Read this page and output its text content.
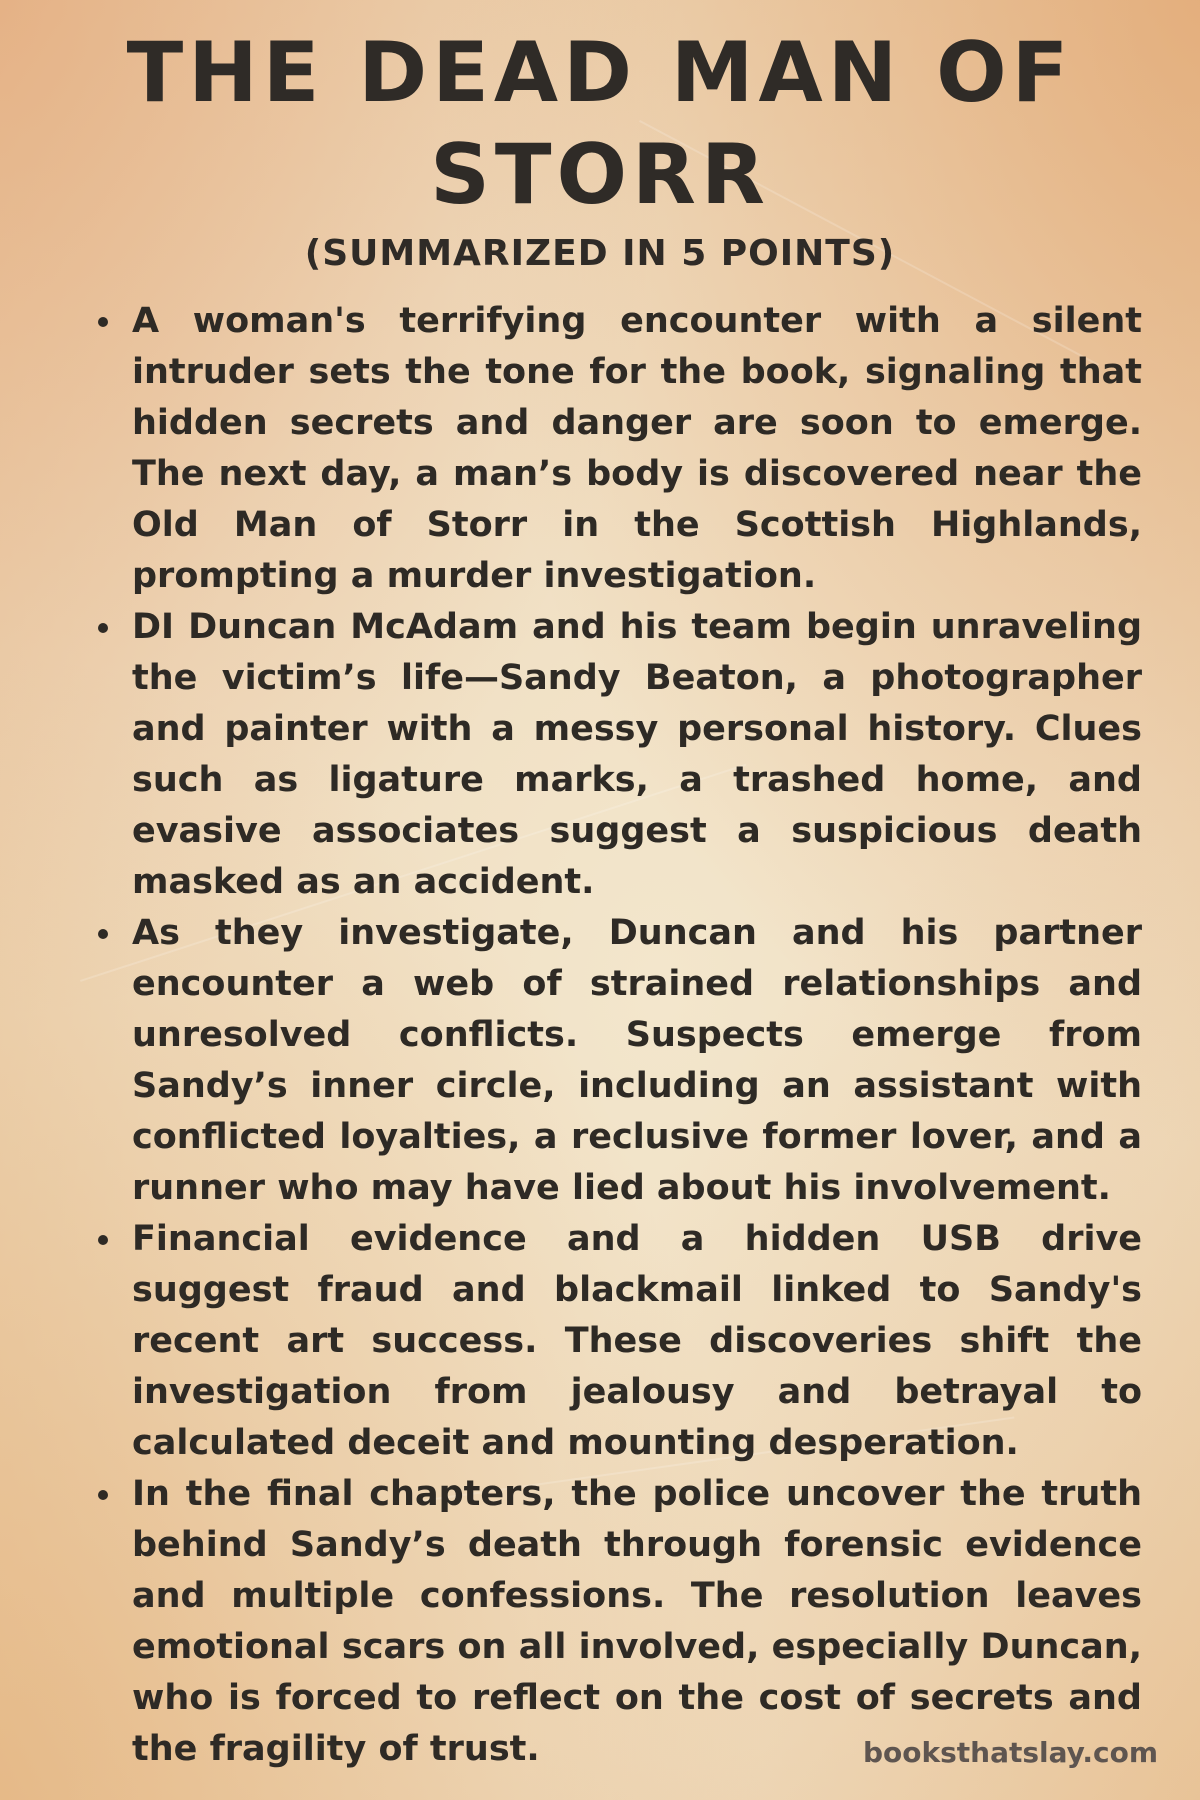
THE DEAD MAN OF STORR
(SUMMARIZED IN 5 POINTS)
A woman's terrifying encounter with a silent intruder sets the tone for the book, signaling that hidden secrets and danger are soon to emerge. The next day, a man’s body is discovered near the Old Man of Storr in the Scottish Highlands, prompting a murder investigation.
DI Duncan McAdam and his team begin unraveling the victim’s life—Sandy Beaton, a photographer and painter with a messy personal history. Clues such as ligature marks, a trashed home, and evasive associates suggest a suspicious death masked as an accident.
As they investigate, Duncan and his partner encounter a web of strained relationships and unresolved conflicts. Suspects emerge from Sandy’s inner circle, including an assistant with conflicted loyalties, a reclusive former lover, and a runner who may have lied about his involvement.
Financial evidence and a hidden USB drive suggest fraud and blackmail linked to Sandy's recent art success. These discoveries shift the investigation from jealousy and betrayal to calculated deceit and mounting desperation.
In the final chapters, the police uncover the truth behind Sandy’s death through forensic evidence and multiple confessions. The resolution leaves emotional scars on all involved, especially Duncan, who is forced to reflect on the cost of secrets and the fragility of trust.	booksthatslay.com
